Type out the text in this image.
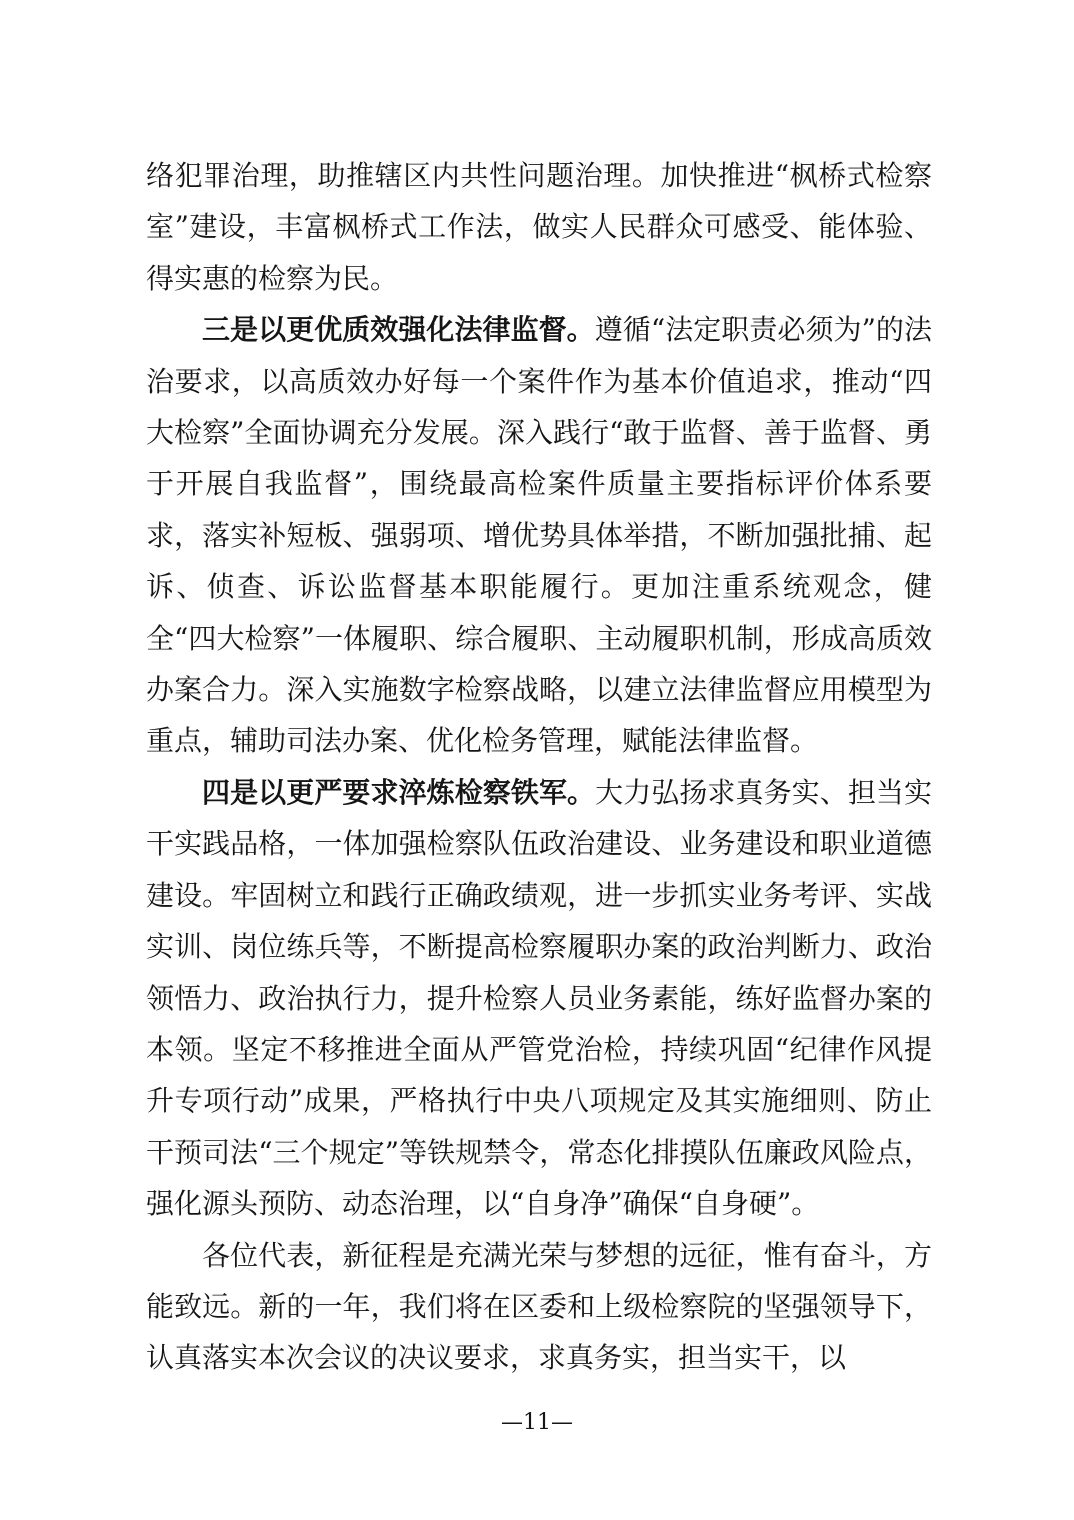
络犯罪治理，助推辖区内共性问题治理。加快推进“枫桥式检察室”建设，丰富枫桥式工作法，做实人民群众可感受、能体验、得实惠的检察为民。

三是以更优质效强化法律监督。遵循“法定职责必须为”的法治要求，以高质效办好每一个案件作为基本价值追求，推动“四大检察”全面协调充分发展。深入践行“敢于监督、善于监督、勇于开展自我监督”，围绕最高检案件质量主要指标评价体系要求，落实补短板、强弱项、增优势具体举措，不断加强批捕、起诉、侦查、诉讼监督基本职能履行。更加注重系统观念，健全“四大检察”一体履职、综合履职、主动履职机制，形成高质效办案合力。深入实施数字检察战略，以建立法律监督应用模型为重点，辅助司法办案、优化检务管理，赋能法律监督。

四是以更严要求淬炼检察铁军。大力弘扬求真务实、担当实干实践品格，一体加强检察队伍政治建设、业务建设和职业道德建设。牢固树立和践行正确政绩观，进一步抓实业务考评、实战实训、岗位练兵等，不断提高检察履职办案的政治判断力、政治领悟力、政治执行力，提升检察人员业务素能，练好监督办案的本领。坚定不移推进全面从严管党治检，持续巩固“纪律作风提升专项行动”成果，严格执行中央八项规定及其实施细则、防止干预司法“三个规定”等铁规禁令，常态化排摸队伍廉政风险点，强化源头预防、动态治理，以“自身净”确保“自身硬”。

各位代表，新征程是充满光荣与梦想的远征，惟有奋斗，方能致远。新的一年，我们将在区委和上级检察院的坚强领导下，认真落实本次会议的决议要求，求真务实，担当实干，以

—11—
